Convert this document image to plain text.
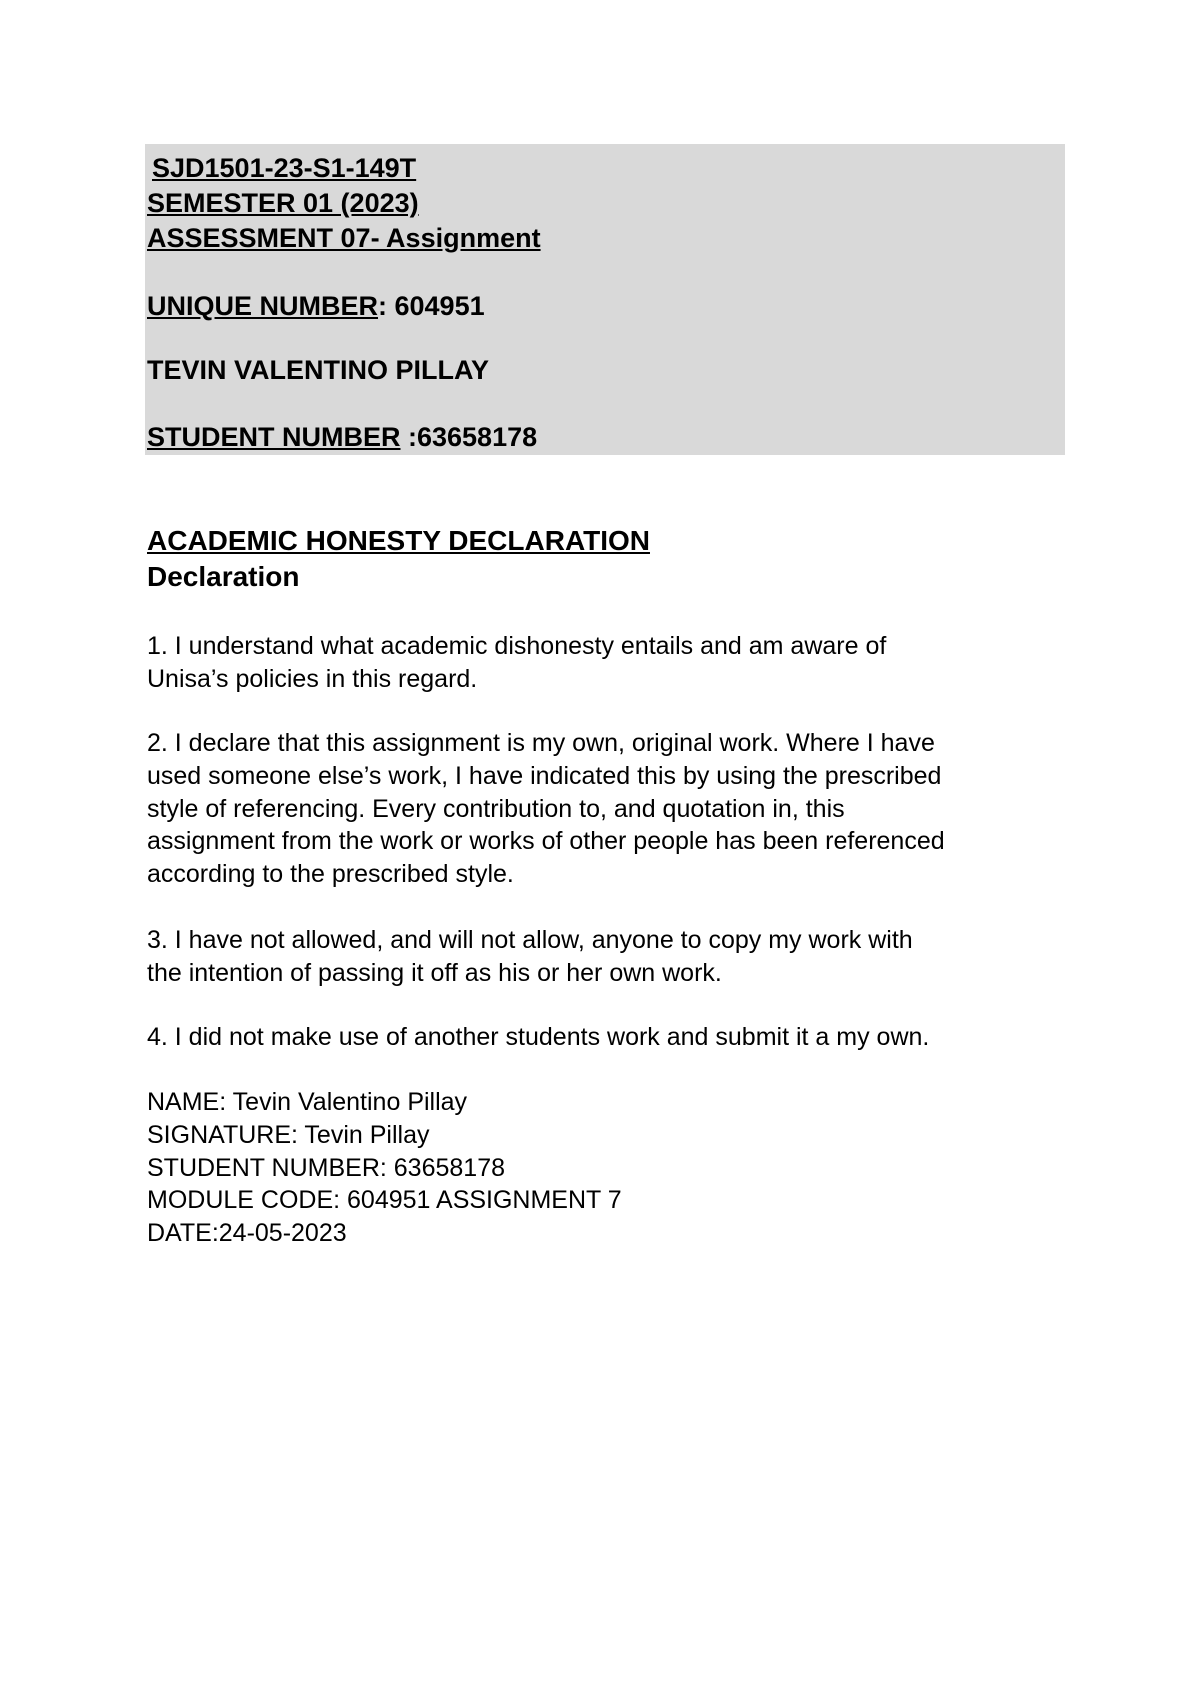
SJD1501-23-S1-149T
SEMESTER 01 (2023)
ASSESSMENT 07- Assignment
UNIQUE NUMBER: 604951
TEVIN VALENTINO PILLAY
STUDENT NUMBER :63658178
ACADEMIC HONESTY DECLARATION
Declaration
1. I understand what academic dishonesty entails and am aware of
Unisa’s policies in this regard.
2. I declare that this assignment is my own, original work. Where I have
used someone else’s work, I have indicated this by using the prescribed
style of referencing. Every contribution to, and quotation in, this
assignment from the work or works of other people has been referenced
according to the prescribed style.
3. I have not allowed, and will not allow, anyone to copy my work with
the intention of passing it off as his or her own work.
4. I did not make use of another students work and submit it a my own.
NAME: Tevin Valentino Pillay
SIGNATURE: Tevin Pillay
STUDENT NUMBER: 63658178
MODULE CODE: 604951 ASSIGNMENT 7
DATE:24-05-2023
